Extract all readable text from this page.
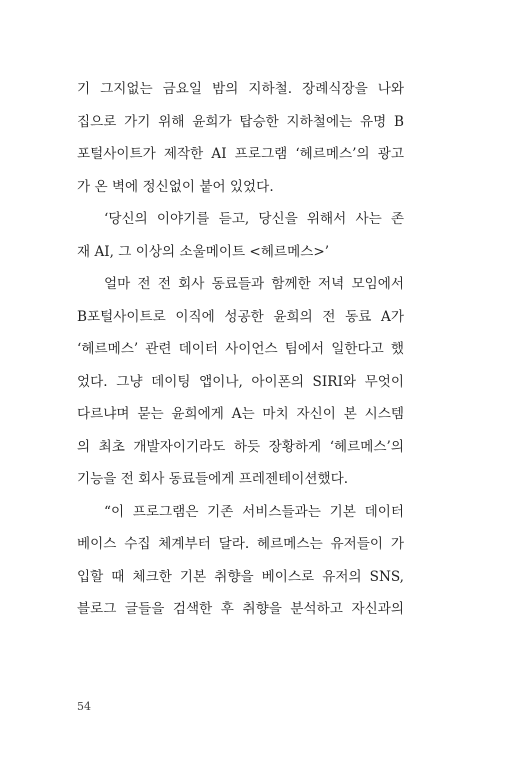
기 그지없는 금요일 밤의 지하철. 장례식장을 나와
집으로 가기 위해 윤희가 탑승한 지하철에는 유명 B
포털사이트가 제작한 AI 프로그램 ‘헤르메스’의 광고
가 온 벽에 정신없이 붙어 있었다.
‘당신의 이야기를 듣고, 당신을 위해서 사는 존
재 AI, 그 이상의 소울메이트 <헤르메스>’
얼마 전 전 회사 동료들과 함께한 저녁 모임에서
B포털사이트로 이직에 성공한 윤희의 전 동료 A가
‘헤르메스’ 관련 데이터 사이언스 팀에서 일한다고 했
었다. 그냥 데이팅 앱이나, 아이폰의 SIRI와 무엇이
다르냐며 묻는 윤희에게 A는 마치 자신이 본 시스템
의 최초 개발자이기라도 하듯 장황하게 ‘헤르메스’의
기능을 전 회사 동료들에게 프레젠테이션했다.
“이 프로그램은 기존 서비스들과는 기본 데이터
베이스 수집 체계부터 달라. 헤르메스는 유저들이 가
입할 때 체크한 기본 취향을 베이스로 유저의 SNS,
블로그 글들을 검색한 후 취향을 분석하고 자신과의
54
